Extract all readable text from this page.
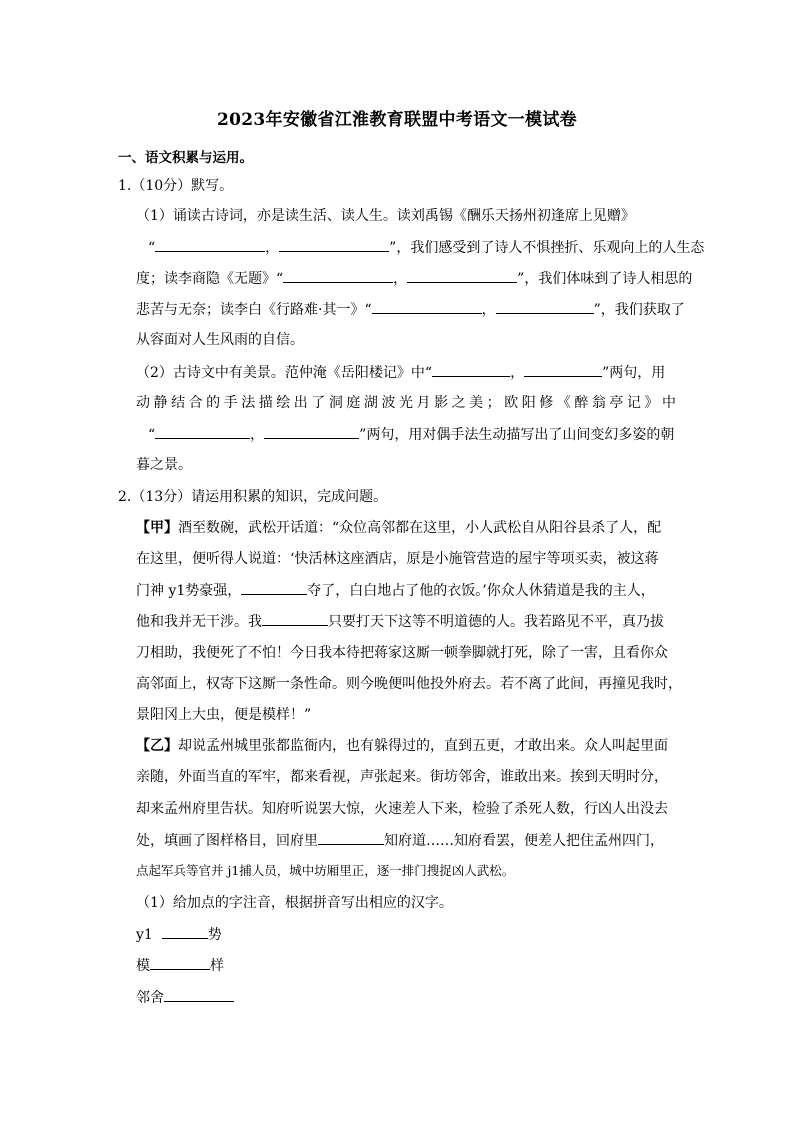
2023年安徽省江淮教育联盟中考语文一模试卷
一、语文积累与运用。
1.（10分）默写。
（1）诵读古诗词，亦是读生活、读人生。读刘禹锡《酬乐天扬州初逢席上见赠》
“	，	”，我们感受到了诗人不惧挫折、乐观向上的人生态
度；读李商隐《无题》“	，	”，我们体味到了诗人相思的
悲苦与无奈；读李白《行路难·其一》“	，	”，我们获取了
从容面对人生风雨的自信。
（2）古诗文中有美景。范仲淹《岳阳楼记》中“	，	”两句，用
动静结合的手法描绘出了洞庭湖波光月影之美；欧阳修《醉翁亭记》中
“	，	”两句，用对偶手法生动描写出了山间变幻多姿的朝
暮之景。
2.（13分）请运用积累的知识，完成问题。
【甲】酒至数碗，武松开话道：“众位高邻都在这里，小人武松自从阳谷县杀了人，配
在这里，便听得人说道：‘快活林这座酒店，原是小施管营造的屋宇等项买卖，被这蒋
门神 y1势豪强，	夺了，白白地占了他的衣饭。’你众人休猜道是我的主人，
他和我并无干涉。我	只要打天下这等不明道德的人。我若路见不平，真乃拔
刀相助，我便死了不怕！今日我本待把蒋家这厮一顿拳脚就打死，除了一害，且看你众
高邻面上，权寄下这厮一条性命。则今晚便叫他投外府去。若不离了此间，再撞见我时，
景阳冈上大虫，便是模样！”
【乙】却说孟州城里张都监衙内，也有躲得过的，直到五更，才敢出来。众人叫起里面
亲随，外面当直的军牢，都来看视，声张起来。街坊邻舍，谁敢出来。挨到天明时分，
却来孟州府里告状。知府听说罢大惊，火速差人下来，检验了杀死人数，行凶人出没去
处，填画了图样格目，回府里	知府道……知府看罢，便差人把住孟州四门，
点起军兵等官并 j1捕人员，城中坊厢里正，逐一排门搜捉凶人武松。
（1）给加点的字注音，根据拼音写出相应的汉字。
y1	势
模	样
邻舍
